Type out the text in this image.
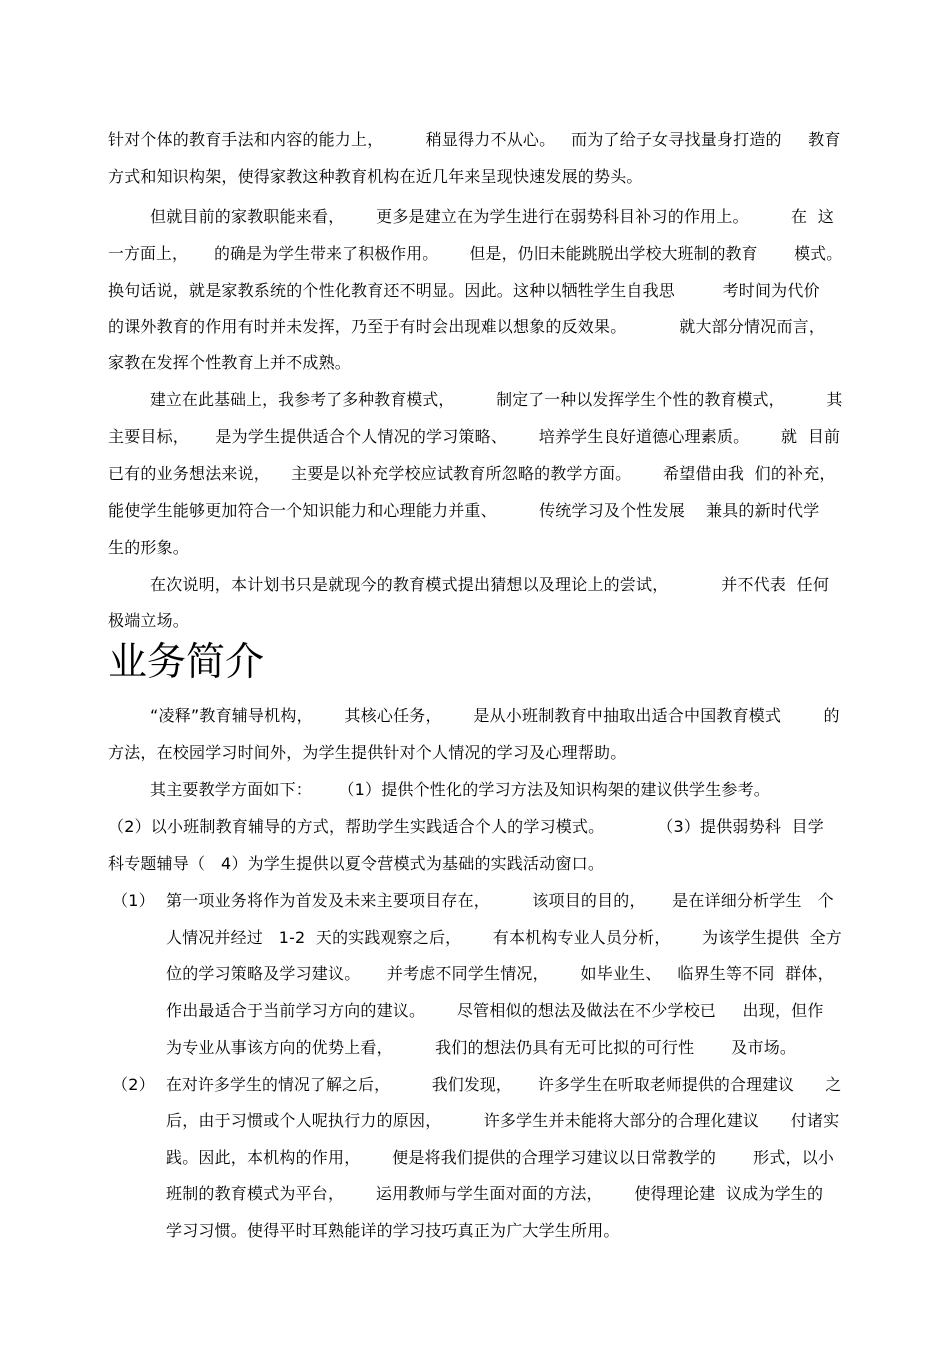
针对个体的教育手法和内容的能力上，        稍显得力不从心。   而为了给子女寻找量身打造的     教育
方式和知识构架，使得家教这种教育机构在近几年来呈现快速发展的势头。
但就目前的家教职能来看，      更多是建立在为学生进行在弱势科目补习的作用上。        在  这
一方面上，     的确是为学生带来了积极作用。      但是，仍旧未能跳脱出学校大班制的教育       模式。
换句话说，就是家教系统的个性化教育还不明显。因此。这种以牺牲学生自我思         考时间为代价
的课外教育的作用有时并未发挥，乃至于有时会出现难以想象的反效果。          就大部分情况而言，
家教在发挥个性教育上并不成熟。
建立在此基础上，我参考了多种教育模式，        制定了一种以发挥学生个性的教育模式，        其
主要目标，     是为学生提供适合个人情况的学习策略、      培养学生良好道德心理素质。      就  目前
已有的业务想法来说，    主要是以补充学校应试教育所忽略的教学方面。      希望借由我  们的补充，
能使学生能够更加符合一个知识能力和心理能力并重、        传统学习及个性发展    兼具的新时代学
生的形象。
在次说明，本计划书只是就现今的教育模式提出猜想以及理论上的尝试，          并不代表  任何
极端立场。
业务简介
“凌释”教育辅导机构，      其核心任务，      是从小班制教育中抽取出适合中国教育模式        的
方法，在校园学习时间外，为学生提供针对个人情况的学习及心理帮助。
其主要教学方面如下：     （1）提供个性化的学习方法及知识构架的建议供学生参考。
（2）以小班制教育辅导的方式，帮助学生实践适合个人的学习模式。          （3）提供弱势科  目学
科专题辅导（   4）为学生提供以夏令营模式为基础的实践活动窗口。
（1） 第一项业务将作为首发及未来主要项目存在，        该项目的目的，     是在详细分析学生   个
人情况并经过   1-2  天的实践观察之后，      有本机构专业人员分析，      为该学生提供  全方
位的学习策略及学习建议。     并考虑不同学生情况，      如毕业生、   临界生等不同  群体，
作出最适合于当前学习方向的建议。      尽管相似的想法及做法在不少学校已     出现，但作
为专业从事该方向的优势上看，        我们的想法仍具有无可比拟的可行性       及市场。
（2） 在对许多学生的情况了解之后，        我们发现，     许多学生在听取老师提供的合理建议      之
后，由于习惯或个人呢执行力的原因，        许多学生并未能将大部分的合理化建议      付诸实
践。因此，本机构的作用，      便是将我们提供的合理学习建议以日常教学的       形式，以小
班制的教育模式为平台，      运用教师与学生面对面的方法，      使得理论建  议成为学生的
学习习惯。使得平时耳熟能详的学习技巧真正为广大学生所用。
